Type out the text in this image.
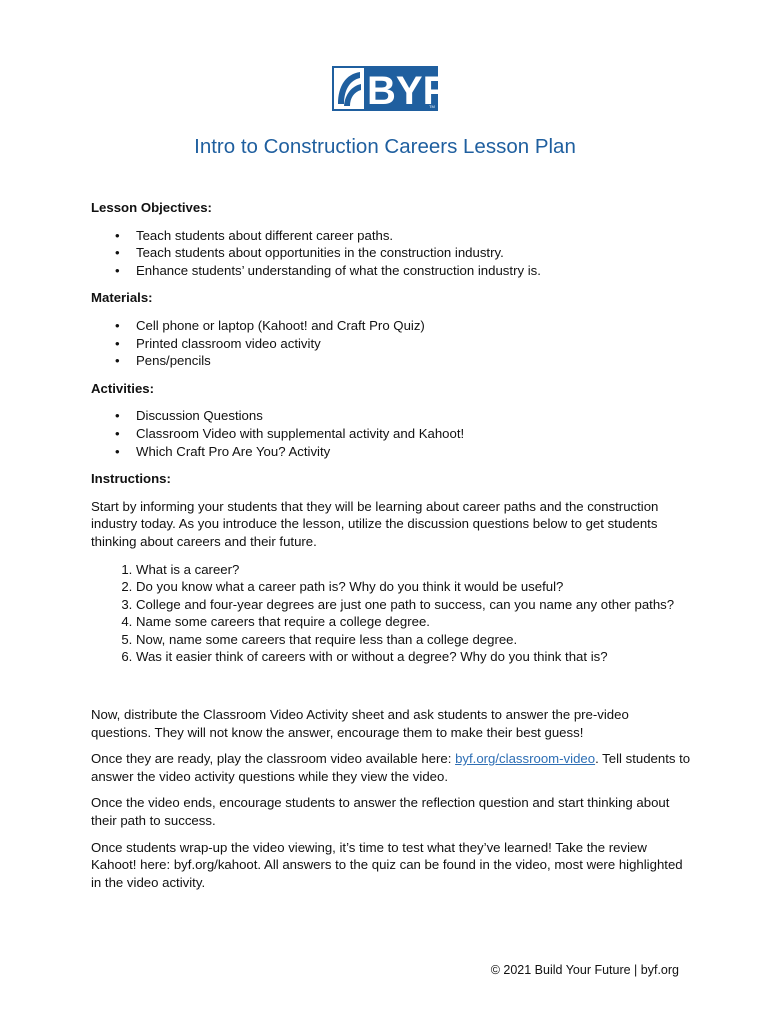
BYF
TM
Intro to Construction Careers Lesson Plan
Lesson Objectives:
• Teach students about different career paths.
• Teach students about opportunities in the construction industry.
• Enhance students’ understanding of what the construction industry is.
Materials:
• Cell phone or laptop (Kahoot! and Craft Pro Quiz)
• Printed classroom video activity
• Pens/pencils
Activities:
• Discussion Questions
• Classroom Video with supplemental activity and Kahoot!
• Which Craft Pro Are You? Activity
Instructions:

Start by informing your students that they will be learning about career paths and the construction industry today. As you introduce the lesson, utilize the discussion questions below to get students thinking about careers and their future.

1. What is a career?
2. Do you know what a career path is? Why do you think it would be useful?
3. College and four-year degrees are just one path to success, can you name any other paths?
4. Name some careers that require a college degree.
5. Now, name some careers that require less than a college degree.
6. Was it easier think of careers with or without a degree? Why do you think that is?

Now, distribute the Classroom Video Activity sheet and ask students to answer the pre-video questions. They will not know the answer, encourage them to make their best guess!

Once they are ready, play the classroom video available here: byf.org/classroom-video. Tell students to answer the video activity questions while they view the video.

Once the video ends, encourage students to answer the reflection question and start thinking about their path to success.

Once students wrap-up the video viewing, it’s time to test what they’ve learned! Take the review Kahoot! here: byf.org/kahoot. All answers to the quiz can be found in the video, most were highlighted in the video activity.

© 2021 Build Your Future | byf.org
